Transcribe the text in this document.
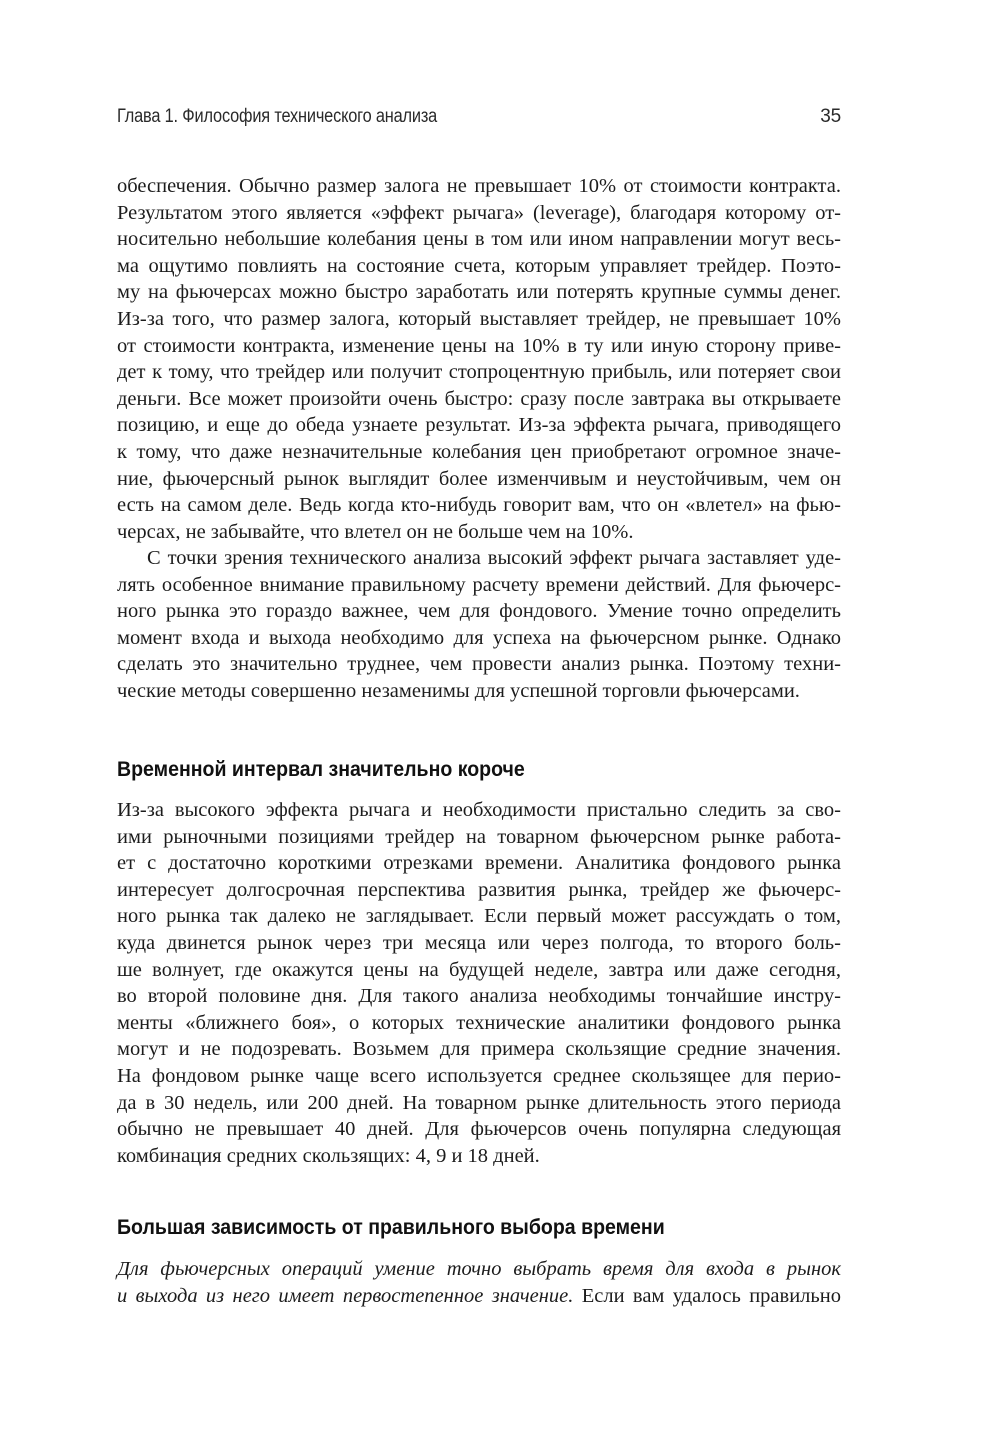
Глава 1. Философия технического анализа	35
обеспечения. Обычно размер залога не превышает 10% от стоимости контракта.
Результатом этого является «эффект рычага» (leverage), благодаря которому от-
носительно небольшие колебания цены в том или ином направлении могут весь-
ма ощутимо повлиять на состояние счета, которым управляет трейдер. Поэто-
му на фьючерсах можно быстро заработать или потерять крупные суммы денег.
Из-за того, что размер залога, который выставляет трейдер, не превышает 10%
от стоимости контракта, изменение цены на 10% в ту или иную сторону приве-
дет к тому, что трейдер или получит стопроцентную прибыль, или потеряет свои
деньги. Все может произойти очень быстро: сразу после завтрака вы открываете
позицию, и еще до обеда узнаете результат. Из-за эффекта рычага, приводящего
к тому, что даже незначительные колебания цен приобретают огромное значе-
ние, фьючерсный рынок выглядит более изменчивым и неустойчивым, чем он
есть на самом деле. Ведь когда кто-нибудь говорит вам, что он «влетел» на фью-
черсах, не забывайте, что влетел он не больше чем на 10%.
С точки зрения технического анализа высокий эффект рычага заставляет уде-
лять особенное внимание правильному расчету времени действий. Для фьючерс-
ного рынка это гораздо важнее, чем для фондового. Умение точно определить
момент входа и выхода необходимо для успеха на фьючерсном рынке. Однако
сделать это значительно труднее, чем провести анализ рынка. Поэтому техни-
ческие методы совершенно незаменимы для успешной торговли фьючерсами.
Временной интервал значительно короче
Из-за высокого эффекта рычага и необходимости пристально следить за сво-
ими рыночными позициями трейдер на товарном фьючерсном рынке работа-
ет с достаточно короткими отрезками времени. Аналитика фондового рынка
интересует долгосрочная перспектива развития рынка, трейдер же фьючерс-
ного рынка так далеко не заглядывает. Если первый может рассуждать о том,
куда двинется рынок через три месяца или через полгода, то второго боль-
ше волнует, где окажутся цены на будущей неделе, завтра или даже сегодня,
во второй половине дня. Для такого анализа необходимы тончайшие инстру-
менты «ближнего боя», о которых технические аналитики фондового рынка
могут и не подозревать. Возьмем для примера скользящие средние значения.
На фондовом рынке чаще всего используется среднее скользящее для перио-
да в 30 недель, или 200 дней. На товарном рынке длительность этого периода
обычно не превышает 40 дней. Для фьючерсов очень популярна следующая
комбинация средних скользящих: 4, 9 и 18 дней.
Большая зависимость от правильного выбора времени
Для фьючерсных операций умение точно выбрать время для входа в рынок
и выхода из него имеет первостепенное значение. Если вам удалось правильно
